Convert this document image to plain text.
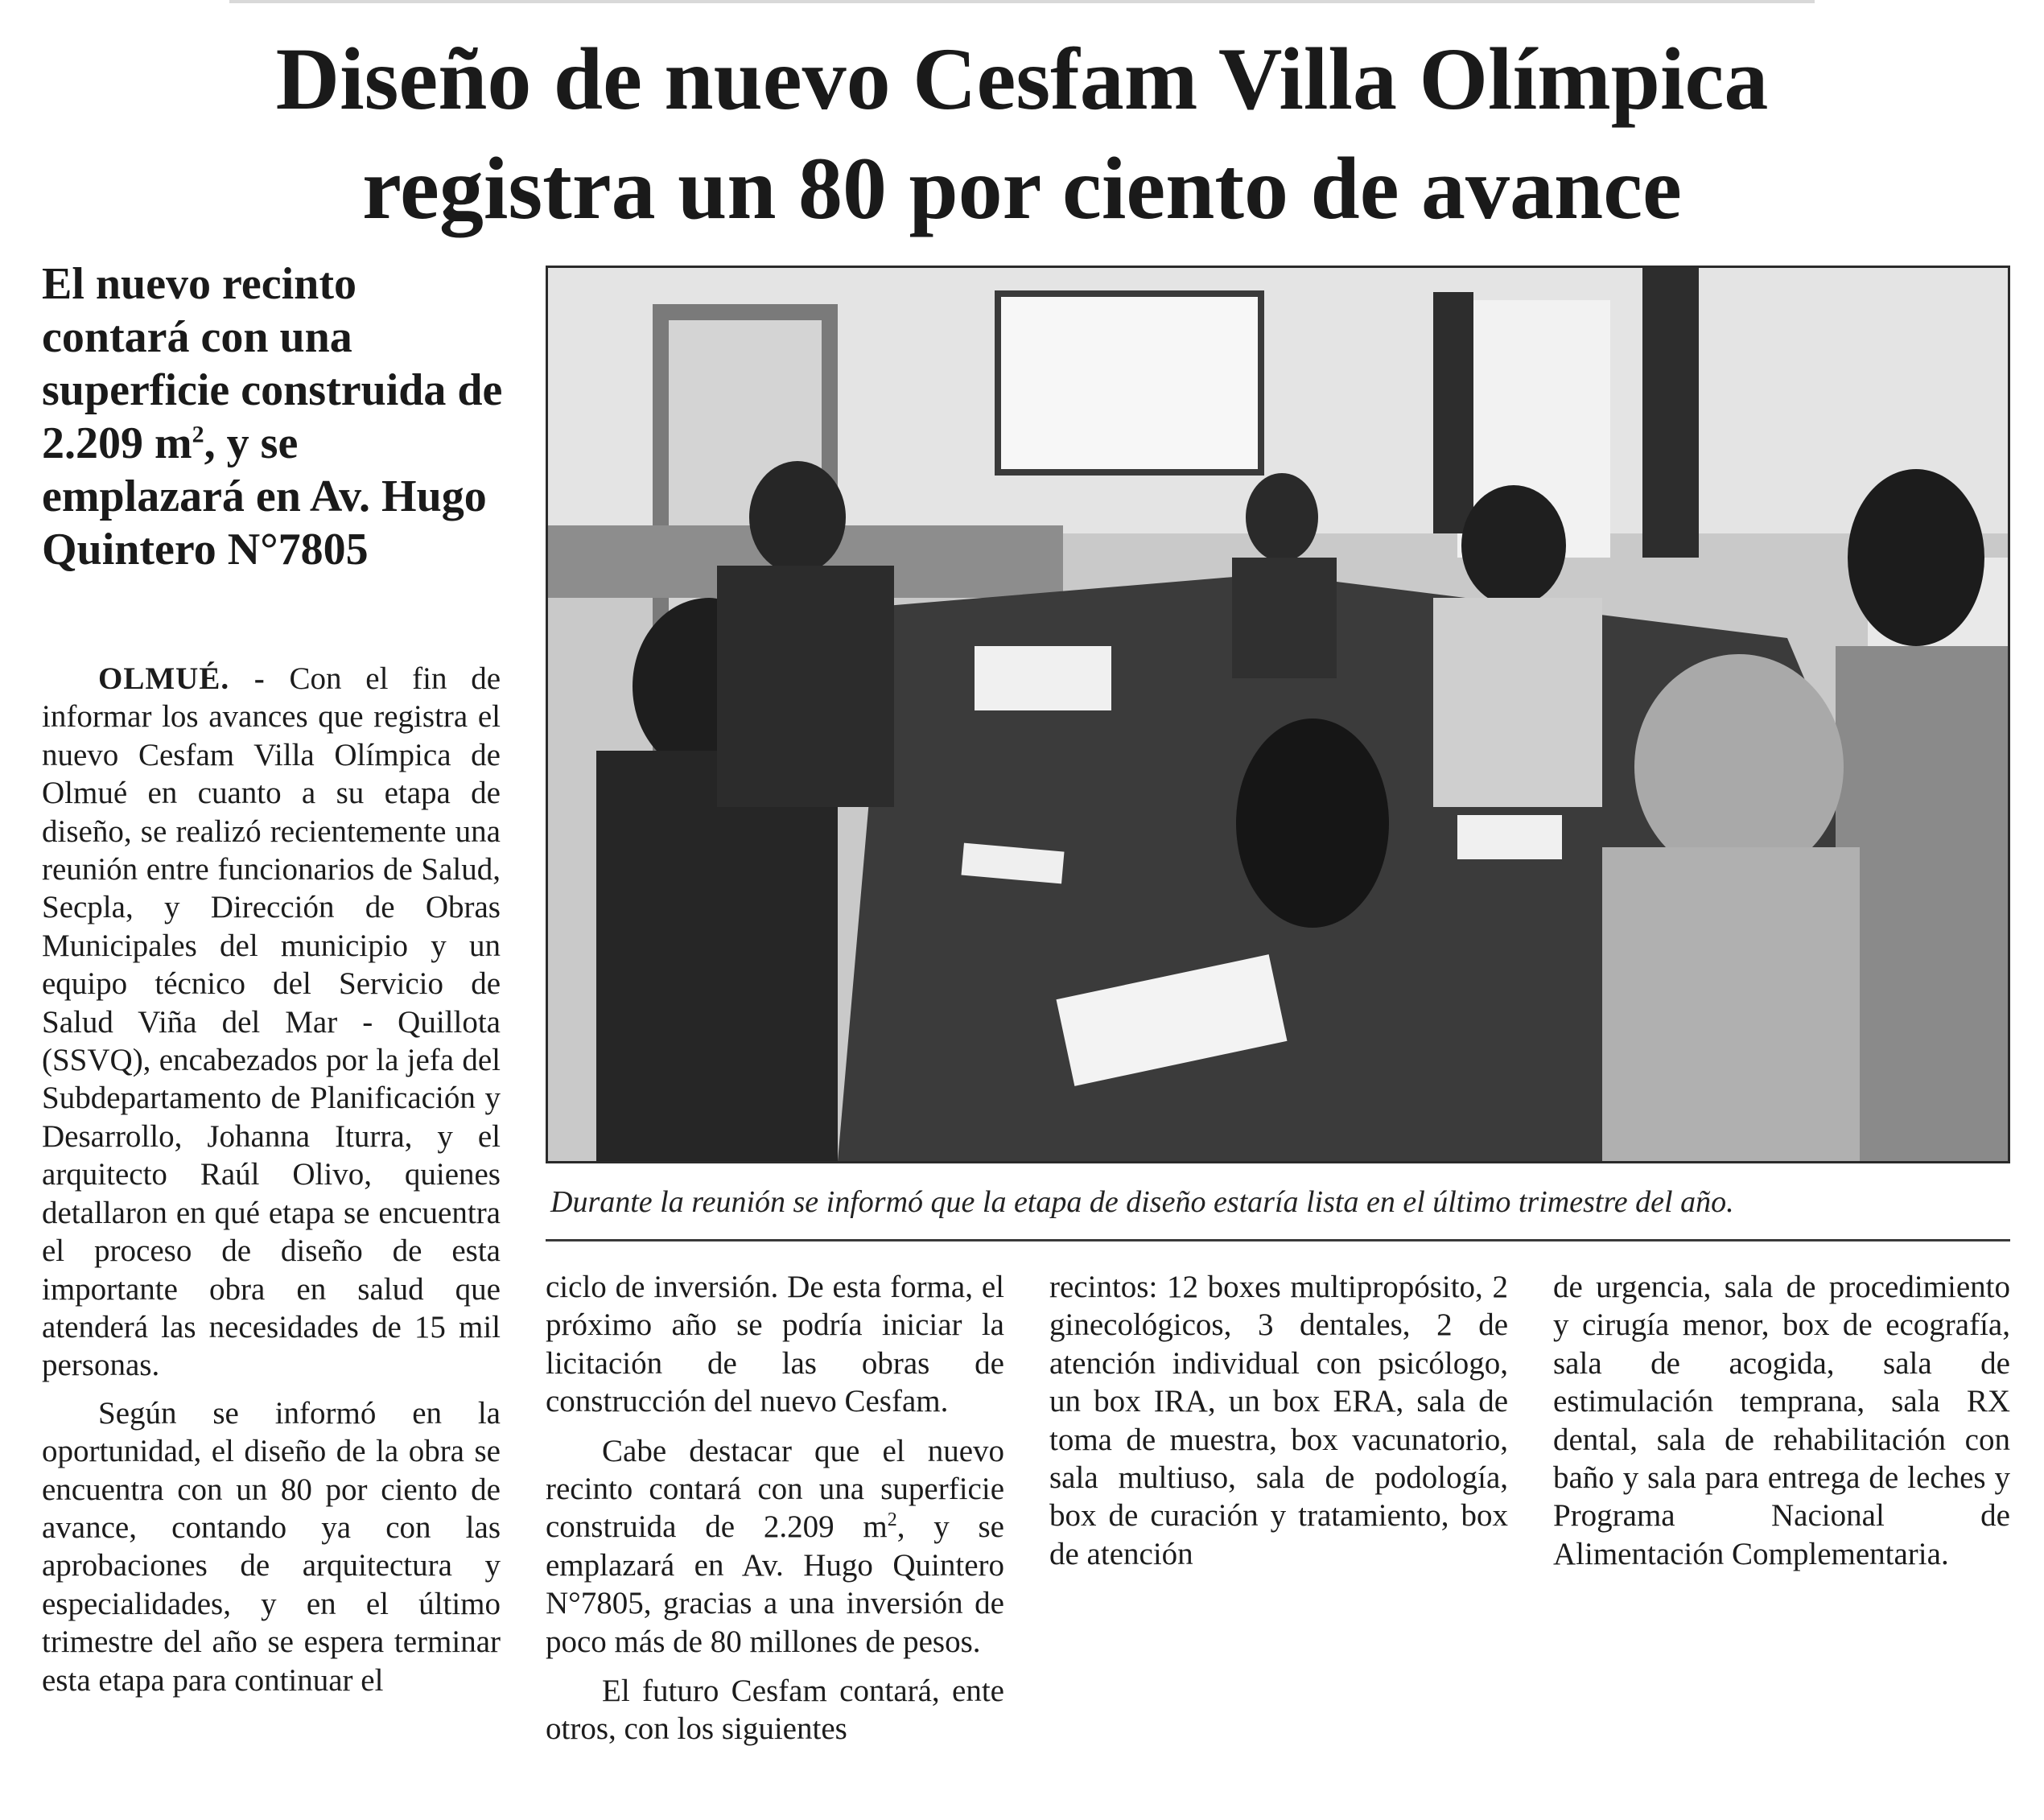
Diseño de nuevo Cesfam Villa Olímpica
registra un 80 por ciento de avance
El nuevo recinto contará con una superficie construida de 2.209 $m^2$, y se emplazará en Av. Hugo Quintero N°7805

OLMUÉ. - Con el fin de informar los avances que registra el nuevo Cesfam Villa Olímpica de Olmué en cuanto a su etapa de diseño, se realizó recientemente una reunión entre funcionarios de Salud, Secpla, y Dirección de Obras Municipales del municipio y un equipo técnico del Servicio de Salud Viña del Mar - Quillota (SSVQ), encabezados por la jefa del Subdepartamento de Planificación y Desarrollo, Johanna Iturra, y el arquitecto Raúl Olivo, quienes detallaron en qué etapa se encuentra el proceso de diseño de esta importante obra en salud que atenderá las necesidades de 15 mil personas.

Según se informó en la oportunidad, el diseño de la obra se encuentra con un 80 por ciento de avance, contando ya con las aprobaciones de arquitectura y especialidades, y en el último trimestre del año se espera terminar esta etapa para continuar el

Durante la reunión se informó que la etapa de diseño estaría lista en el último trimestre del año.

ciclo de inversión. De esta forma, el próximo año se podría iniciar la licitación de las obras de construcción del nuevo Cesfam.

Cabe destacar que el nuevo recinto contará con una superficie construida de 2.209 $m^2$, y se emplazará en Av. Hugo Quintero N°7805, gracias a una inversión de poco más de 80 millones de pesos.

El futuro Cesfam contará, ente otros, con los siguientes

recintos: 12 boxes multipropósito, 2 ginecológicos, 3 dentales, 2 de atención individual con psicólogo, un box IRA, un box ERA, sala de toma de muestra, box vacunatorio, sala multiuso, sala de podología, box de curación y tratamiento, box de atención

de urgencia, sala de procedimiento y cirugía menor, box de ecografía, sala de acogida, sala de estimulación temprana, sala RX dental, sala de rehabilitación con baño y sala para entrega de leches y Programa Nacional de Alimentación Complementaria.
